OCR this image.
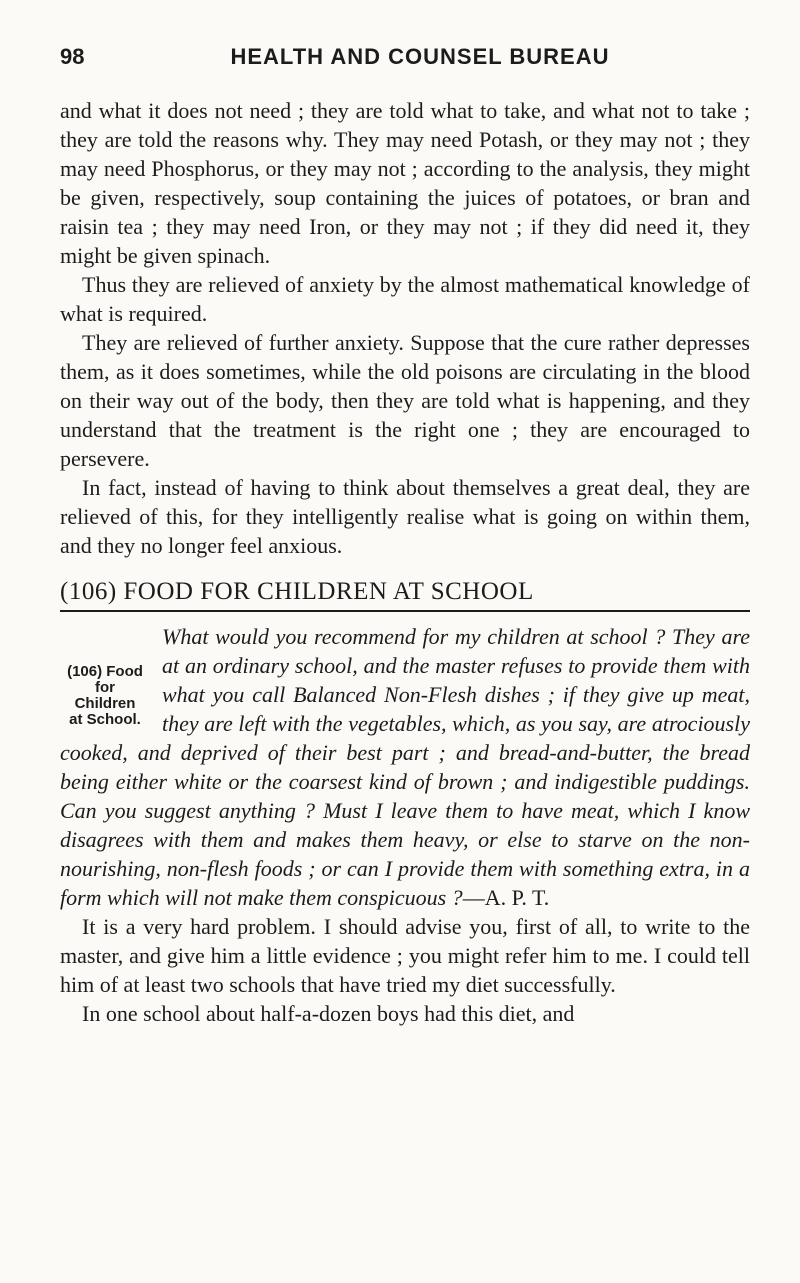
98	HEALTH AND COUNSEL BUREAU

and what it does not need ; they are told what to take, and what not to take ; they are told the reasons why. They may need Potash, or they may not ; they may need Phosphorus, or they may not ; according to the analysis, they might be given, respectively, soup containing the juices of potatoes, or bran and raisin tea ; they may need Iron, or they may not ; if they did need it, they might be given spinach.

Thus they are relieved of anxiety by the almost mathematical knowledge of what is required.

They are relieved of further anxiety. Suppose that the cure rather depresses them, as it does sometimes, while the old poisons are circulating in the blood on their way out of the body, then they are told what is happening, and they understand that the treatment is the right one ; they are encouraged to persevere.

In fact, instead of having to think about themselves a great deal, they are relieved of this, for they intelligently realise what is going on within them, and they no longer feel anxious.

(106) FOOD FOR CHILDREN AT SCHOOL
(106) Food for
Children
at School.
What would you recommend for my children at school ? They are at an ordinary school, and the master refuses to provide them with what you call Balanced Non-Flesh dishes ; if they give up meat, they are left with the vegetables, which, as you say, are atrociously cooked, and deprived of their best part ; and bread-and-butter, the bread being either white or the coarsest kind of brown ; and indigestible puddings. Can you suggest anything ? Must I leave them to have meat, which I know disagrees with them and makes them heavy, or else to starve on the non-nourishing, non-flesh foods ; or can I provide them with something extra, in a form which will not make them conspicuous ?—A. P. T.

It is a very hard problem. I should advise you, first of all, to write to the master, and give him a little evidence ; you might refer him to me. I could tell him of at least two schools that have tried my diet successfully.

In one school about half-a-dozen boys had this diet, and
